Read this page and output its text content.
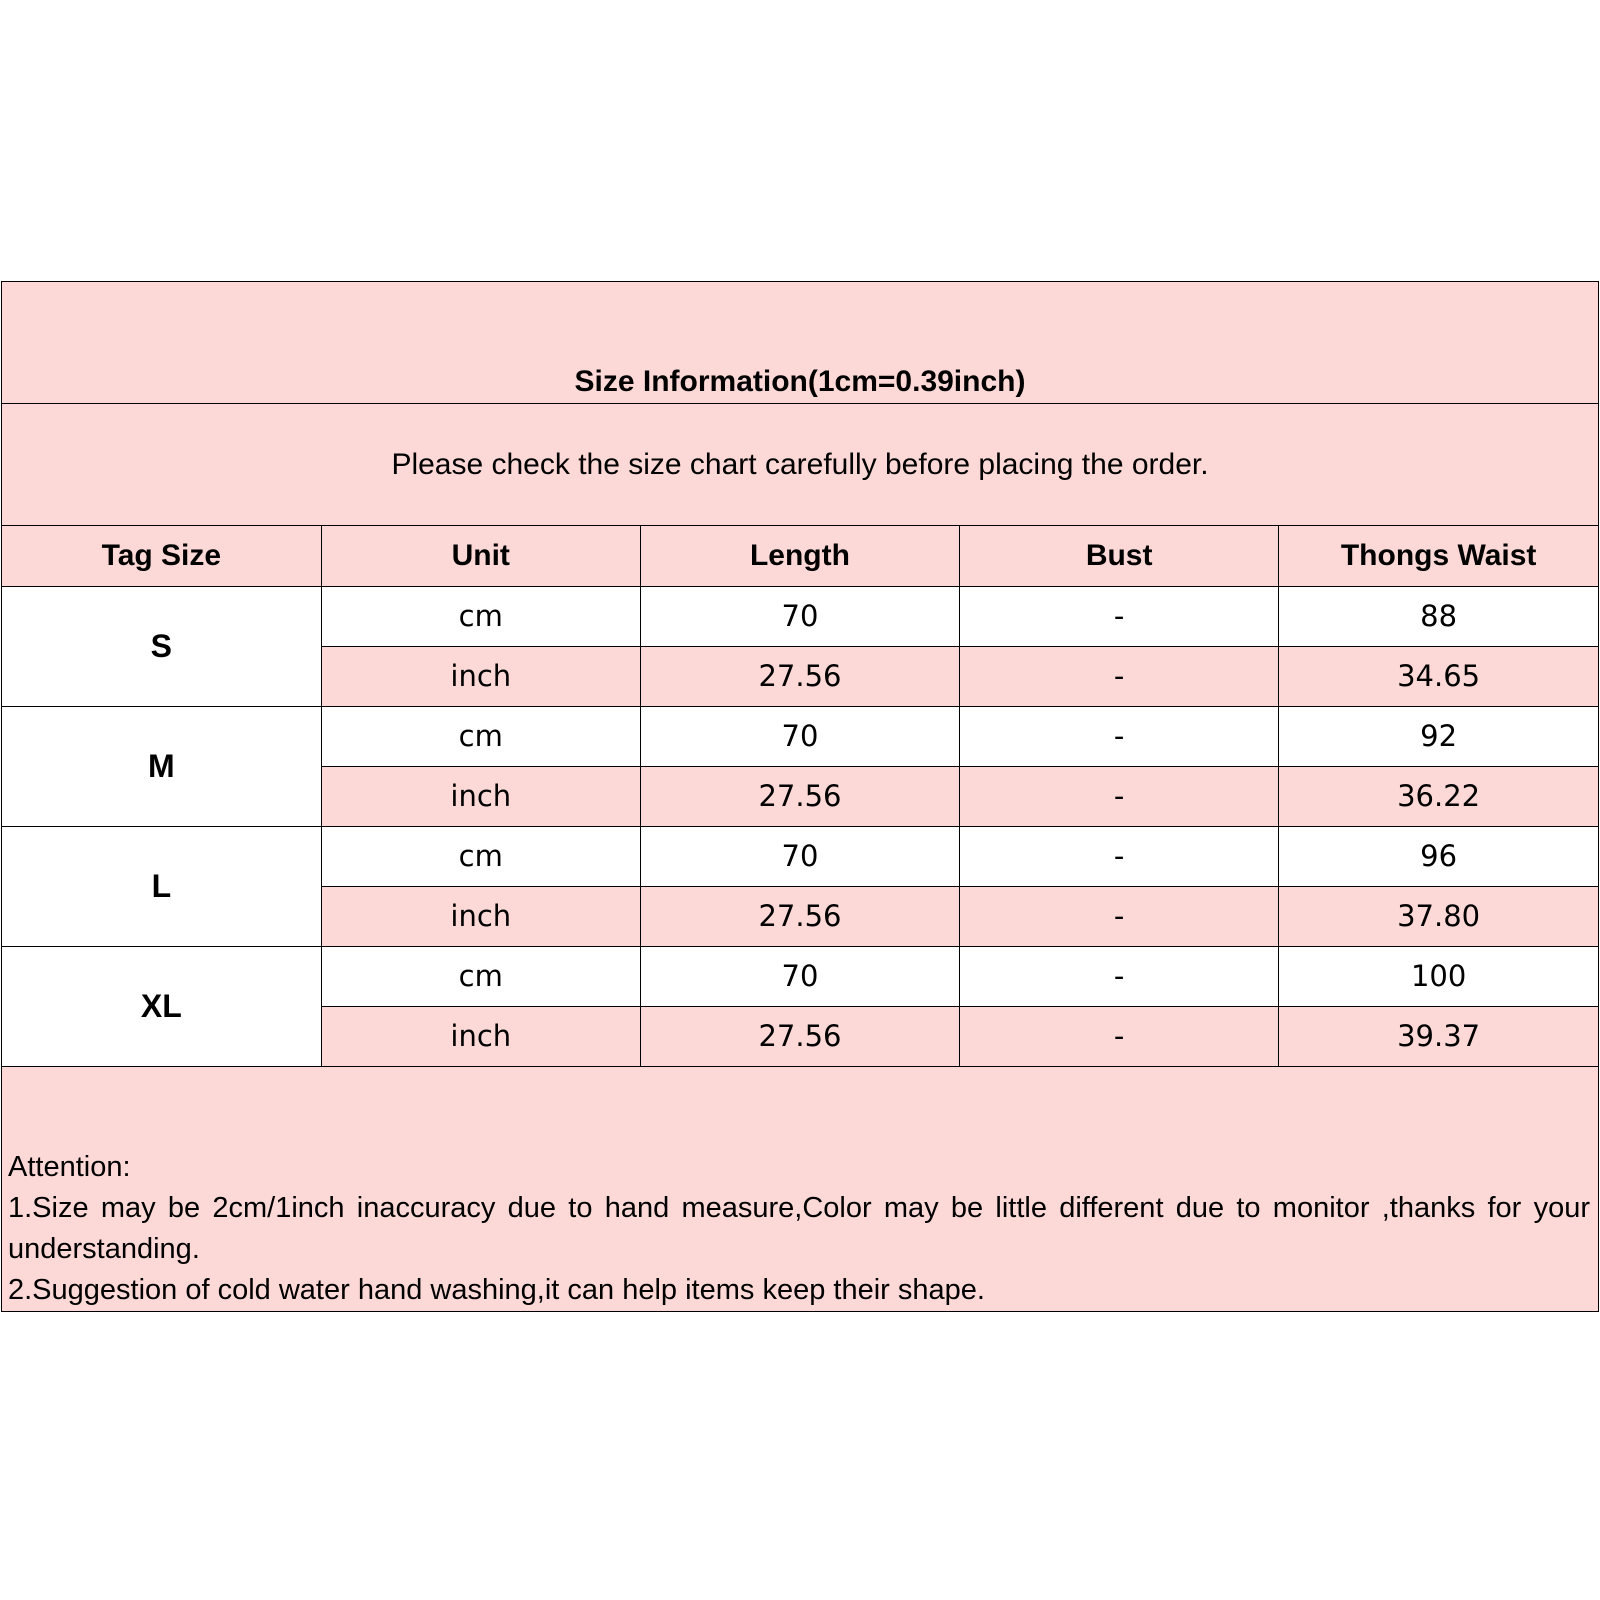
Size Information(1cm=0.39inch)
Please check the size chart carefully before placing the order.
Tag Size	Unit	Length	Bust	Thongs Waist
S	cm	70	-	88
	inch	27.56	-	34.65
M	cm	70	-	92
	inch	27.56	-	36.22
L	cm	70	-	96
	inch	27.56	-	37.80
XL	cm	70	-	100
	inch	27.56	-	39.37
Attention:
1.Size may be 2cm/1inch inaccuracy due to hand measure,Color may be little different due to monitor ,thanks for your understanding.
2.Suggestion of cold water hand washing,it can help items keep their shape.
